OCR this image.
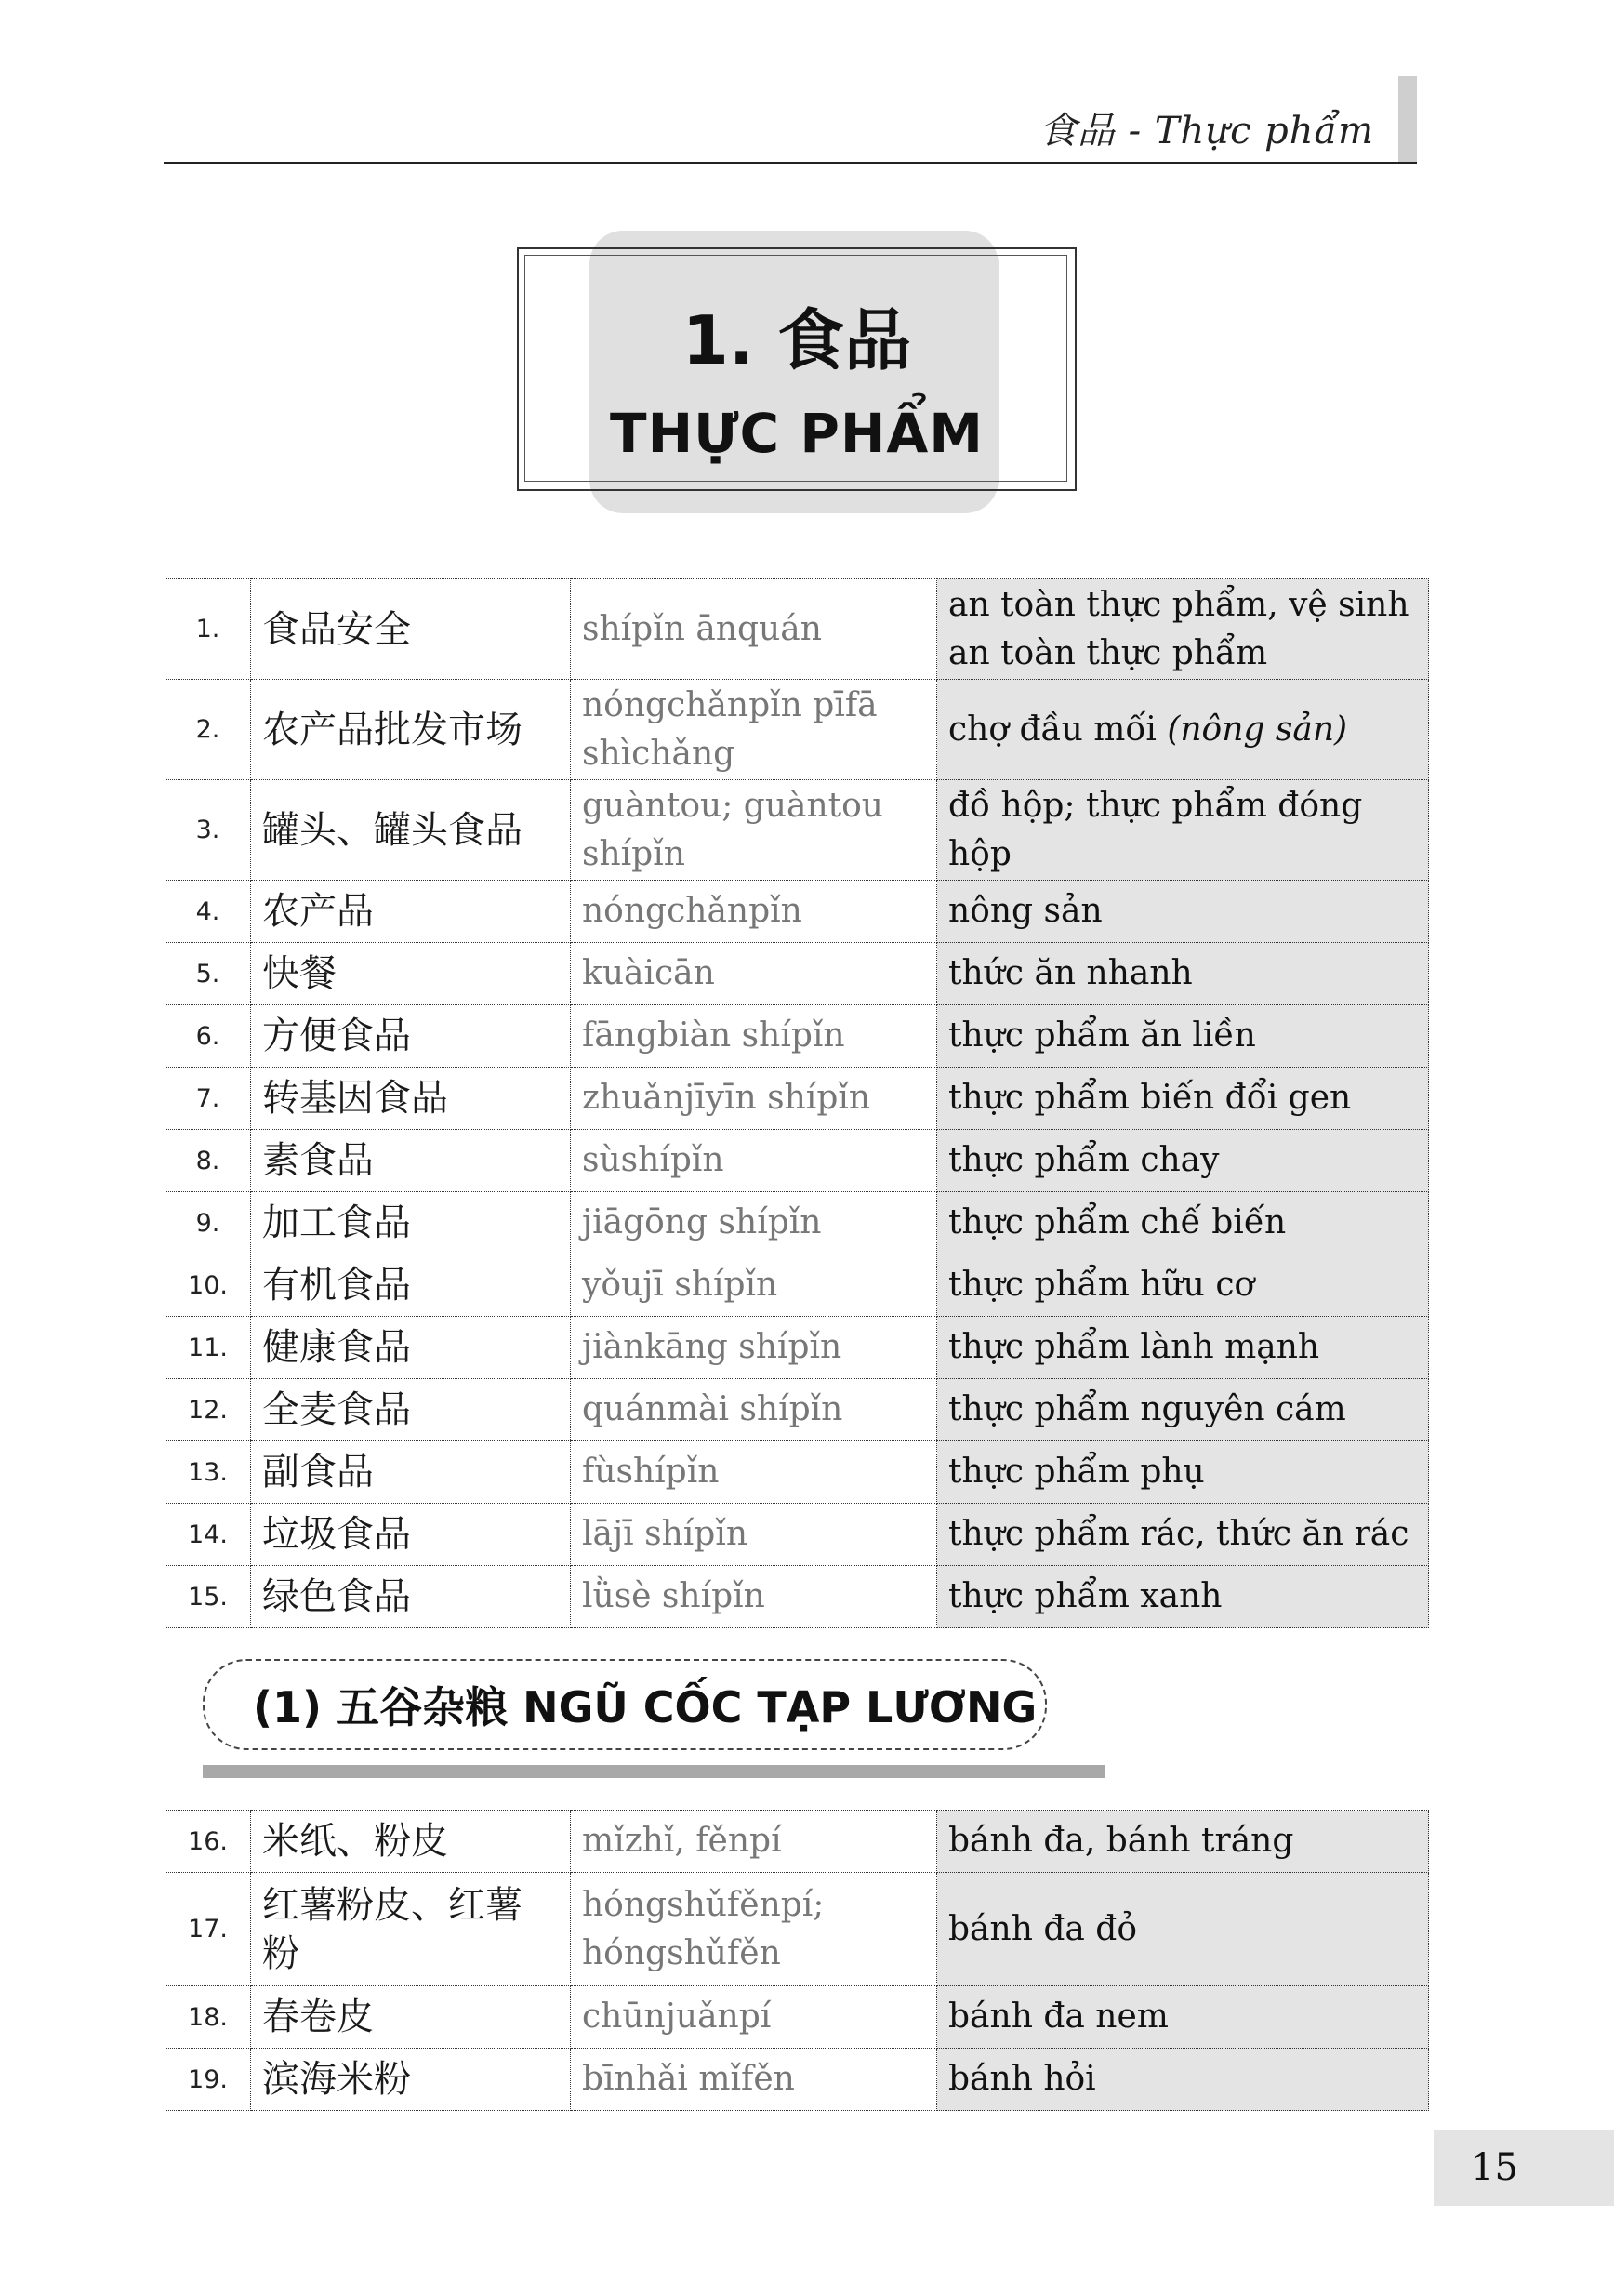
食品 - Thực phẩm
1. 食品
THỰC PHẨM
1.	食品安全	shípǐn ānquán	an toàn thực phẩm, vệ sinh an toàn thực phẩm
2.	农产品批发市场	nóngchǎnpǐn pīfā shìchǎng	chợ đầu mối (nông sản)
3.	罐头、罐头食品	guàntou; guàntou shípǐn	đồ hộp; thực phẩm đóng hộp
4.	农产品	nóngchǎnpǐn	nông sản
5.	快餐	kuàicān	thức ăn nhanh
6.	方便食品	fāngbiàn shípǐn	thực phẩm ăn liền
7.	转基因食品	zhuǎnjīyīn shípǐn	thực phẩm biến đổi gen
8.	素食品	sùshípǐn	thực phẩm chay
9.	加工食品	jiāgōng shípǐn	thực phẩm chế biến
10.	有机食品	yǒujī shípǐn	thực phẩm hữu cơ
11.	健康食品	jiànkāng shípǐn	thực phẩm lành mạnh
12.	全麦食品	quánmài shípǐn	thực phẩm nguyên cám
13.	副食品	fùshípǐn	thực phẩm phụ
14.	垃圾食品	lājī shípǐn	thực phẩm rác, thức ăn rác
15.	绿色食品	lǜsè shípǐn	thực phẩm xanh
(1) 五谷杂粮 NGŨ CỐC TẠP LƯƠNG
16.	米纸、粉皮	mǐzhǐ, fěnpí	bánh đa, bánh tráng
17.	红薯粉皮、红薯粉	hóngshǔfěnpí; hóngshǔfěn	bánh đa đỏ
18.	春卷皮	chūnjuǎnpí	bánh đa nem
19.	滨海米粉	bīnhǎi mǐfěn	bánh hỏi
15
